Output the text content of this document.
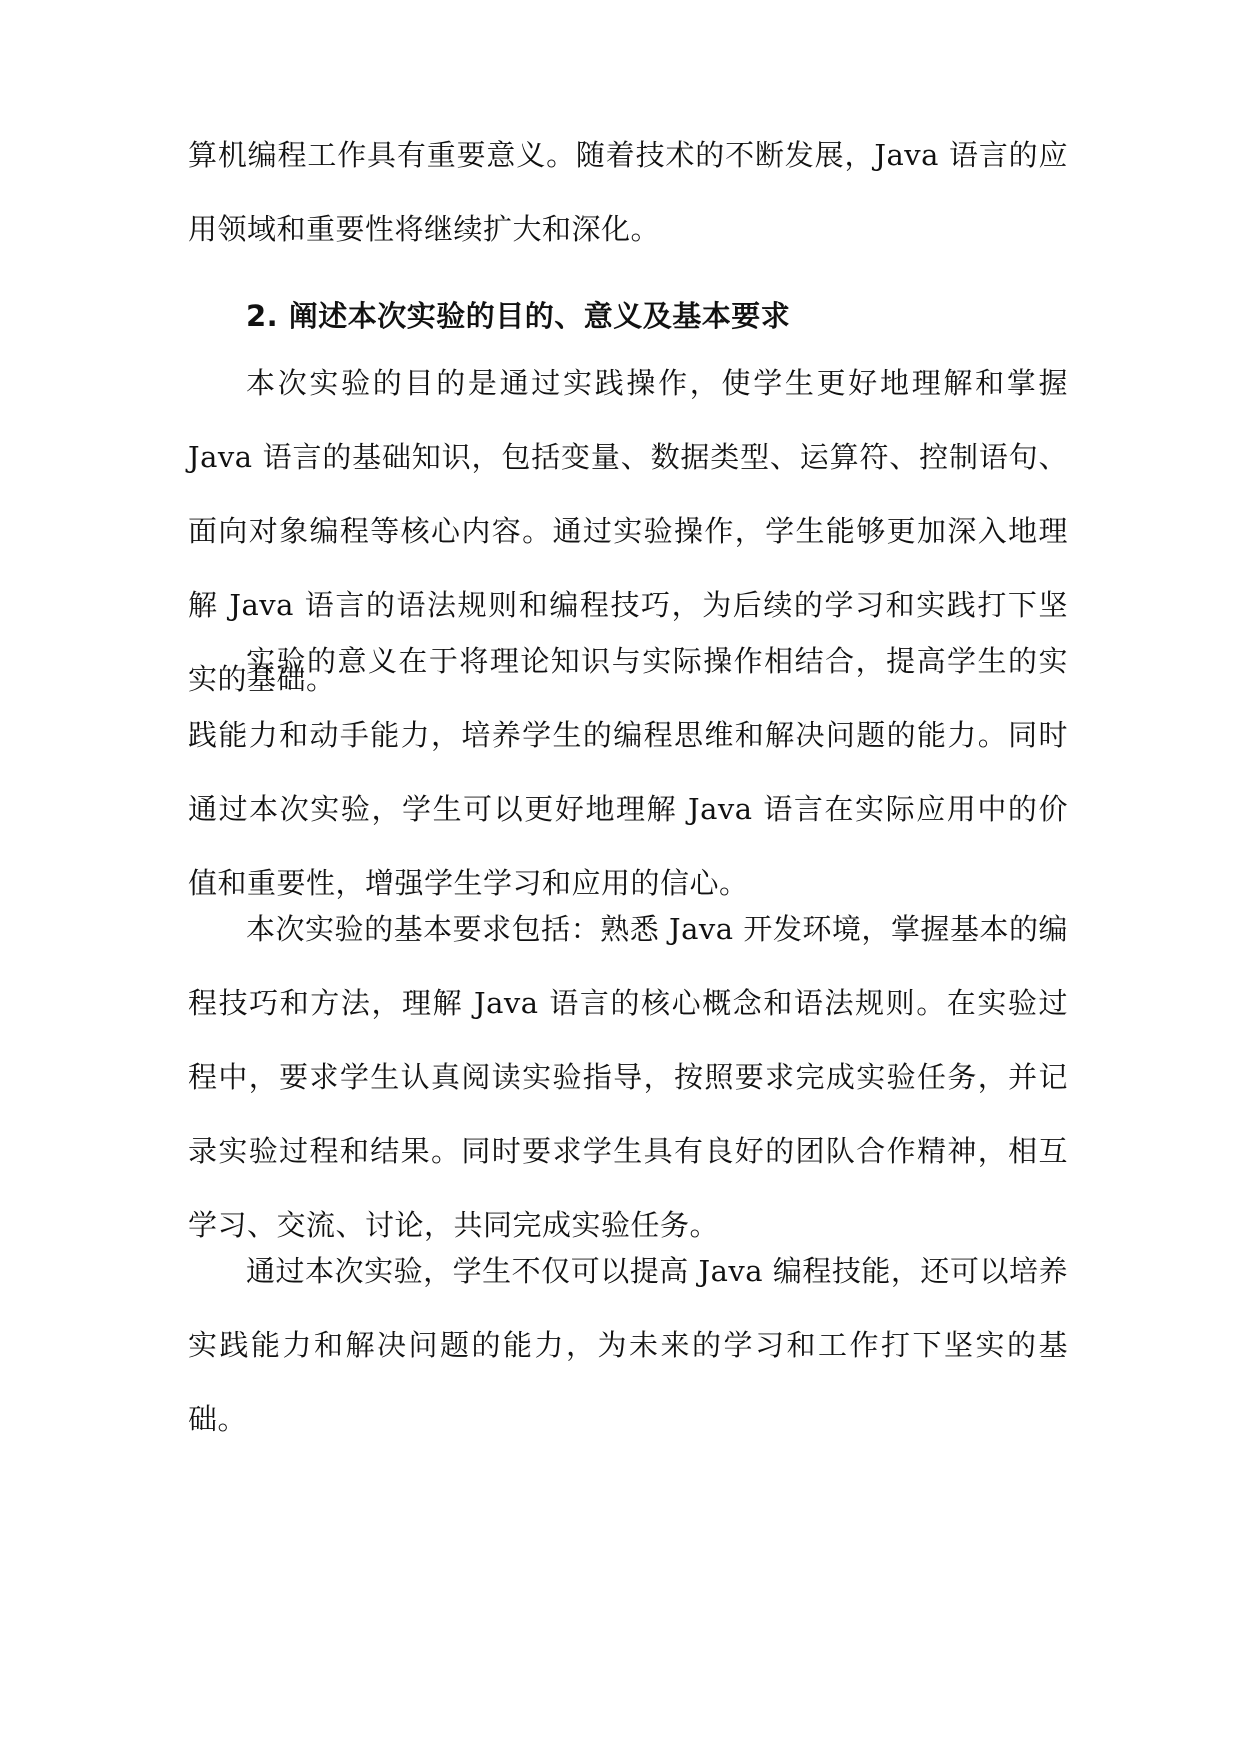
算机编程工作具有重要意义。随着技术的不断发展，Java 语言的应用领域和重要性将继续扩大和深化。

2. 阐述本次实验的目的、意义及基本要求

本次实验的目的是通过实践操作，使学生更好地理解和掌握 Java 语言的基础知识，包括变量、数据类型、运算符、控制语句、面向对象编程等核心内容。通过实验操作，学生能够更加深入地理解 Java 语言的语法规则和编程技巧，为后续的学习和实践打下坚实的基础。

实验的意义在于将理论知识与实际操作相结合，提高学生的实践能力和动手能力，培养学生的编程思维和解决问题的能力。同时通过本次实验，学生可以更好地理解 Java 语言在实际应用中的价值和重要性，增强学生学习和应用的信心。

本次实验的基本要求包括：熟悉 Java 开发环境，掌握基本的编程技巧和方法，理解 Java 语言的核心概念和语法规则。在实验过程中，要求学生认真阅读实验指导，按照要求完成实验任务，并记录实验过程和结果。同时要求学生具有良好的团队合作精神，相互学习、交流、讨论，共同完成实验任务。

通过本次实验，学生不仅可以提高 Java 编程技能，还可以培养实践能力和解决问题的能力，为未来的学习和工作打下坚实的基础。
